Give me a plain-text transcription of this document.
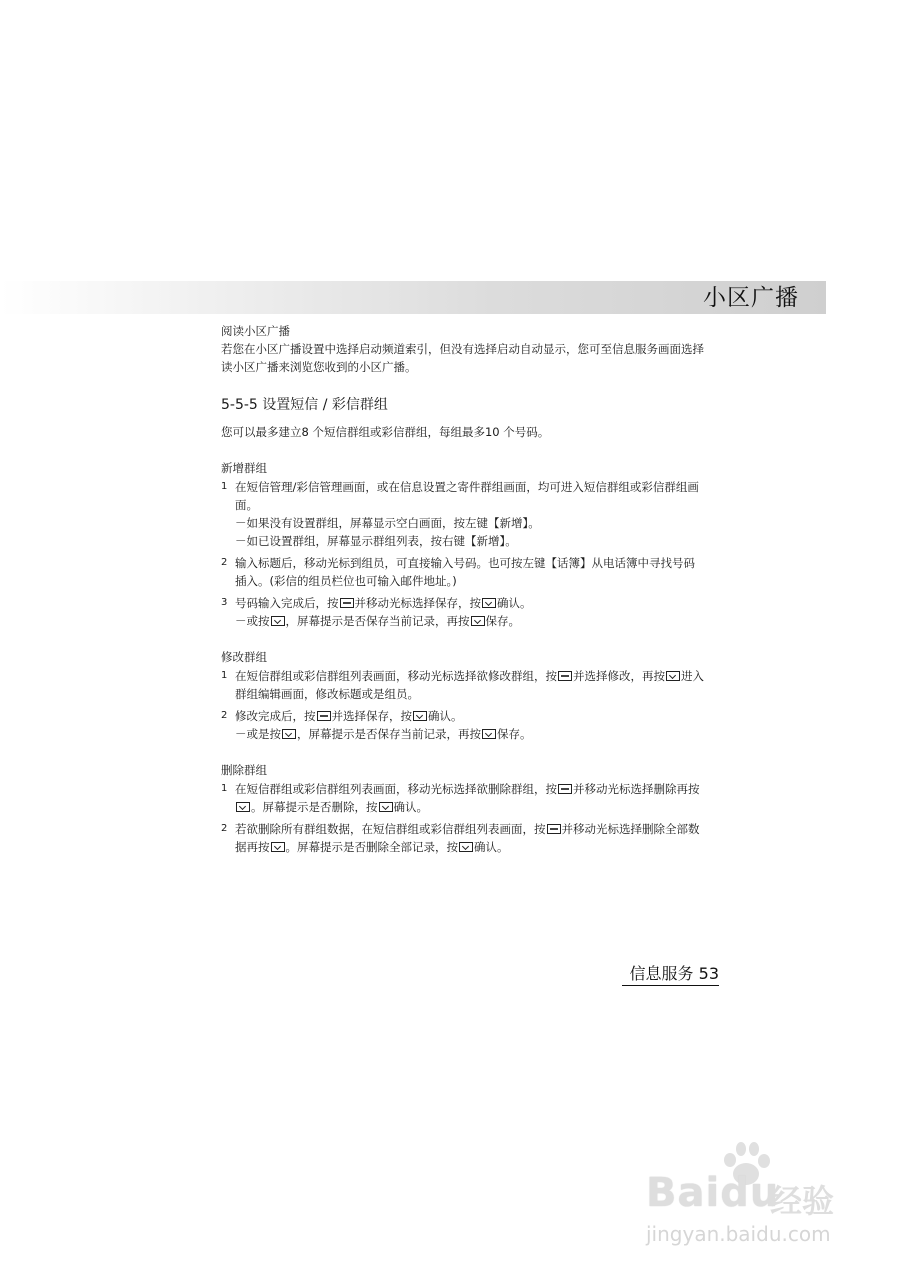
小区广播

阅读小区广播

若您在小区广播设置中选择启动频道索引，但没有选择启动自动显示，您可至信息服务画面选择读小区广播来浏览您收到的小区广播。

5-5-5 设置短信 / 彩信群组

您可以最多建立8 个短信群组或彩信群组，每组最多10 个号码。

新增群组

1 在短信管理/彩信管理画面，或在信息设置之寄件群组画面，均可进入短信群组或彩信群组画面。
－如果没有设置群组，屏幕显示空白画面，按左键【新增】。
－如已设置群组，屏幕显示群组列表，按右键【新增】。
2 输入标题后，移动光标到组员，可直接输入号码。也可按左键【话簿】从电话簿中寻找号码插入。(彩信的组员栏位也可输入邮件地址。)
3 号码输入完成后，按 并移动光标选择保存，按 确认。
－或按 ，屏幕提示是否保存当前记录，再按 保存。

修改群组

1 在短信群组或彩信群组列表画面，移动光标选择欲修改群组，按 并选择修改，再按 进入群组编辑画面，修改标题或是组员。
2 修改完成后，按 并选择保存，按 确认。
－或是按 ，屏幕提示是否保存当前记录，再按 保存。

删除群组

1 在短信群组或彩信群组列表画面，移动光标选择欲删除群组，按 并移动光标选择删除再按。屏幕提示是否删除，按 确认。
2 若欲删除所有群组数据，在短信群组或彩信群组列表画面，按 并移动光标选择删除全部数据再按 。屏幕提示是否删除全部记录，按 确认。
信息服务 53
Baidu
经验
jingyan.baidu.com
